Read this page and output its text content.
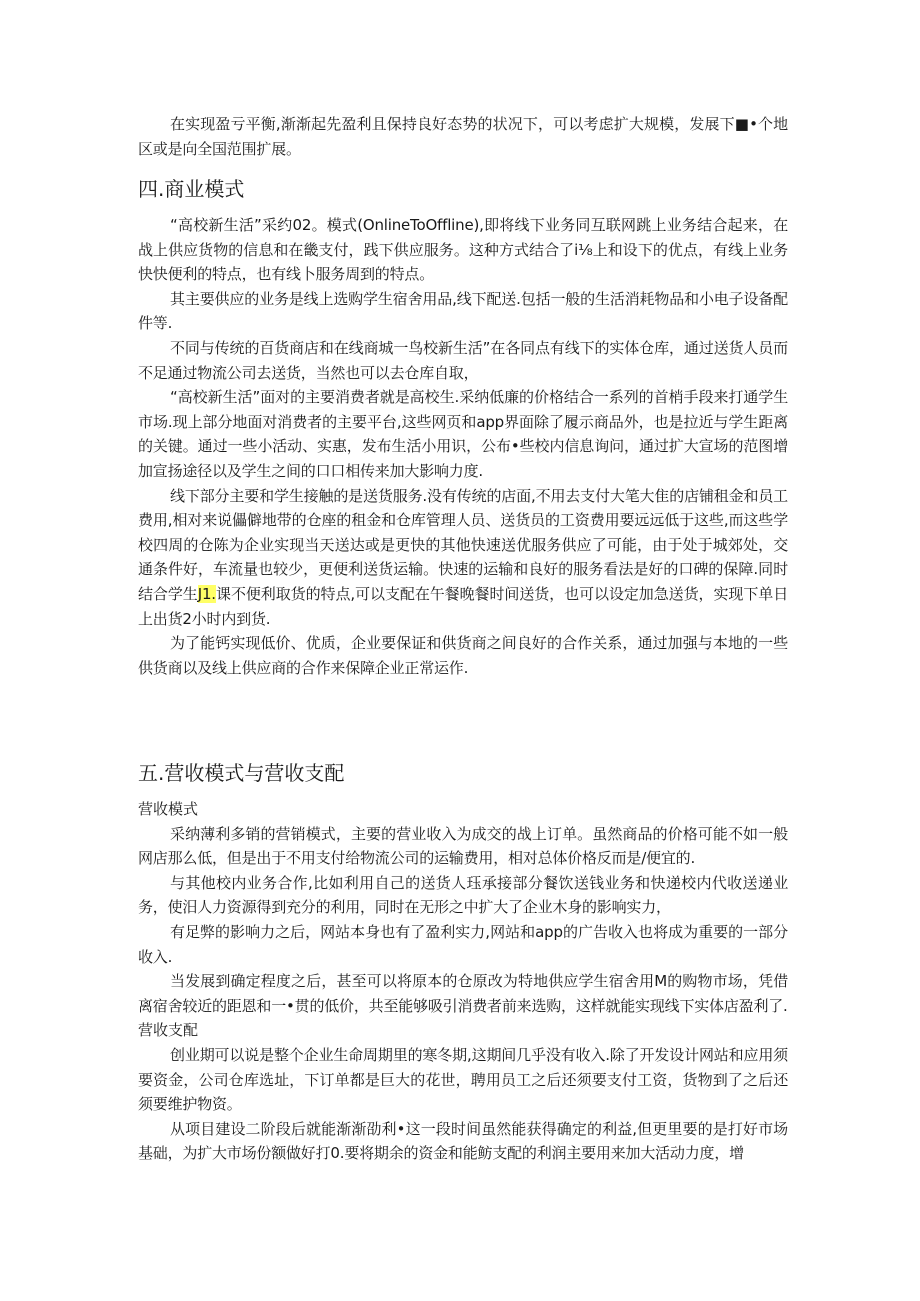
在实现盈亏平衡,渐渐起先盈利且保持良好态势的状况下，可以考虑扩大规模，发展下■•个地区或是向全国范围扩展。

四.商业模式

“高校新生活”采约02。模式(OnlineToOffline),即将线下业务同互联网跳上业务结合起来，在战上供应货物的信息和在畿支付，践下供应服务。这种方式结合了i⅛上和设下的优点，有线上业务快快便利的特点，也有线卜服务周到的特点。

其主要供应的业务是线上选购学生宿舍用品,线下配送.包括一般的生活消耗物品和小电子设备配件等.

不同与传统的百货商店和在线商城一鸟校新生活”在各同点有线下的实体仓库，通过送货人员而不足通过物流公司去送货，当然也可以去仓库自取，

“高校新生活”面对的主要消费者就是高校生.采纳低廉的价格结合一系列的首梢手段来打通学生市场.现上部分地面对消费者的主要平台,这些网页和app界面除了履示商品外，也是拉近与学生距离的关键。通过一些小活动、实惠，发布生活小用识，公布•些校内信息询问，通过扩大宣场的范图增加宣扬途径以及学生之间的口口相传来加大影响力度.

线下部分主要和学生接触的是送货服务.没有传统的店面,不用去支付大笔大隹的店铺租金和员工费用,相对来说儡僻地带的仓座的租金和仓库管理人员、送货员的工资费用要远远低于这些,而这些学校四周的仓陈为企业实现当天送达或是更快的其他快速送优服务供应了可能，由于处于城郊处，交通条件好，车流量也较少，更便利送货运输。快速的运输和良好的服务看法是好的口碑的保障.同时结合学生J1.课不便利取货的特点,可以支配在午餐晚餐时间送货，也可以设定加急送货，实现下单日上出货2小时内到货.

为了能钙实现低价、优质，企业要保证和供货商之间良好的合作关系，通过加强与本地的一些供货商以及线上供应商的合作来保障企业正常运作.

五.营收模式与营收支配

营收模式

采纳薄利多销的营销模式，主要的营业收入为成交的战上订单。虽然商品的价格可能不如一般网店那么低，但是出于不用支付给物流公司的运输费用，相对总体价格反而是/便宜的.

与其他校内业务合作,比如利用自己的送货人珏承接部分餐饮送钱业务和快递校内代收送递业务，使汨人力资源得到充分的利用，同时在无形之中扩大了企业木身的影响实力，

有足弊的影响力之后，网站本身也有了盈利实力,网站和app的广告收入也将成为重要的一部分收入.

当发展到确定程度之后，甚至可以将原本的仓原改为特地供应学生宿舍用M的购物市场，凭借离宿舍较近的距恩和一•贯的低价，共至能够吸引消费者前来选购，这样就能实现线下实体店盈利了.

营收支配

创业期可以说是整个企业生命周期里的寒冬期,这期间几乎没有收入.除了开发设计网站和应用须要资金，公司仓库选址，下订单都是巨大的花世，聘用员工之后还须要支付工资，货物到了之后还须要维护物资。

从项目建设二阶段后就能渐渐劭利•这一段时间虽然能获得确定的利益,但更里要的是打好市场基础，为扩大市场份额做好打0.要将期余的资金和能鲂支配的利润主要用来加大活动力度，增
